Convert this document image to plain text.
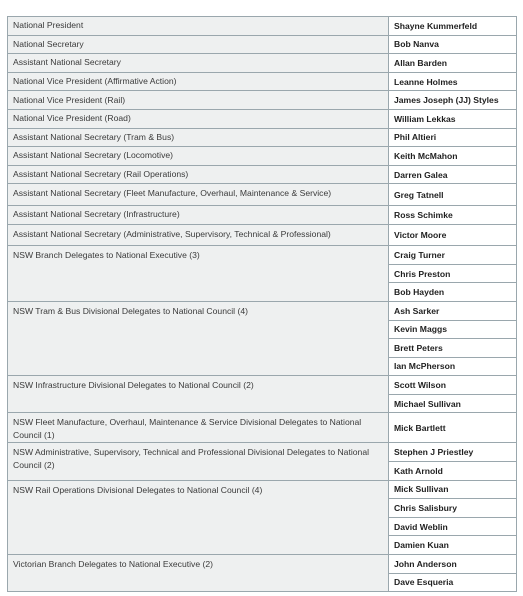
National President	Shayne Kummerfeld
National Secretary	Bob Nanva
Assistant National Secretary	Allan Barden
National Vice President (Affirmative Action)	Leanne Holmes
National Vice President (Rail)	James Joseph (JJ) Styles
National Vice President (Road)	William Lekkas
Assistant National Secretary (Tram & Bus)	Phil Altieri
Assistant National Secretary (Locomotive)	Keith McMahon
Assistant National Secretary (Rail Operations)	Darren Galea
Assistant National Secretary (Fleet Manufacture, Overhaul, Maintenance & Service)	Greg Tatnell
Assistant National Secretary (Infrastructure)	Ross Schimke
Assistant National Secretary (Administrative, Supervisory, Technical & Professional)	Victor Moore
NSW Branch Delegates to National Executive (3)	Craig Turner
	Chris Preston
	Bob Hayden
NSW Tram & Bus Divisional Delegates to National Council (4)	Ash Sarker
	Kevin Maggs
	Brett Peters
	Ian McPherson
NSW Infrastructure Divisional Delegates to National Council (2)	Scott Wilson
	Michael Sullivan
NSW Fleet Manufacture, Overhaul, Maintenance & Service Divisional Delegates to National Council (1)	Mick Bartlett
NSW Administrative, Supervisory, Technical and Professional Divisional Delegates to National Council (2)	Stephen J Priestley
	Kath Arnold
NSW Rail Operations Divisional Delegates to National Council (4)	Mick Sullivan
	Chris Salisbury
	David Weblin
	Damien Kuan
Victorian Branch Delegates to National Executive (2)	John Anderson
	Dave Esqueria
